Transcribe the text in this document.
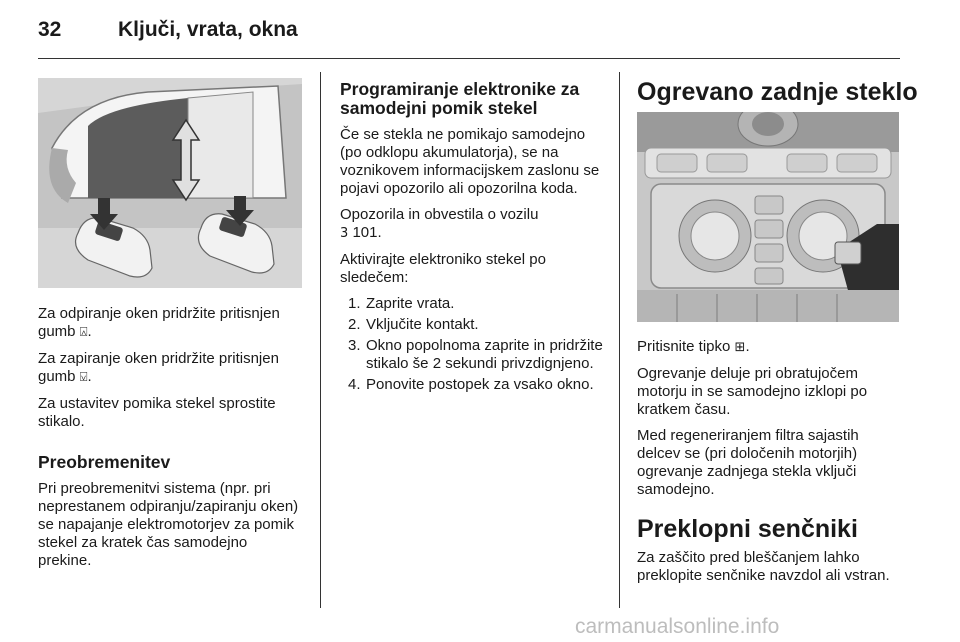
32	Ključi, vrata, okna

Za odpiranje oken pridržite pritisnjen gumb ⍓.

Za zapiranje oken pridržite pritisnjen gumb ⍌.

Za ustavitev pomika stekel sprostite stikalo.

Preobremenitev

Pri preobremenitvi sistema (npr. pri neprestanem odpiranju/zapiranju oken) se napajanje elektromotorjev za pomik stekel za kratek čas samodejno prekine.

Programiranje elektronike za samodejni pomik stekel

Če se stekla ne pomikajo samodejno (po odklopu akumulatorja), se na voznikovem informacijskem zaslonu se pojavi opozorilo ali opozorilna koda.

Opozorila in obvestila o vozilu
3 101.

Aktivirajte elektroniko stekel po sledečem:

1. Zaprite vrata.
2. Vključite kontakt.
3. Okno popolnoma zaprite in pridržite stikalo še 2 sekundi privzdignjeno.
4. Ponovite postopek za vsako okno.

Ogrevano zadnje steklo

Pritisnite tipko ⊞.

Ogrevanje deluje pri obratujočem motorju in se samodejno izklopi po kratkem času.

Med regeneriranjem filtra sajastih delcev se (pri določenih motorjih) ogrevanje zadnjega stekla vključi samodejno.

Preklopni senčniki

Za zaščito pred bleščanjem lahko preklopite senčnike navzdol ali vstran.

carmanualsonline.info
